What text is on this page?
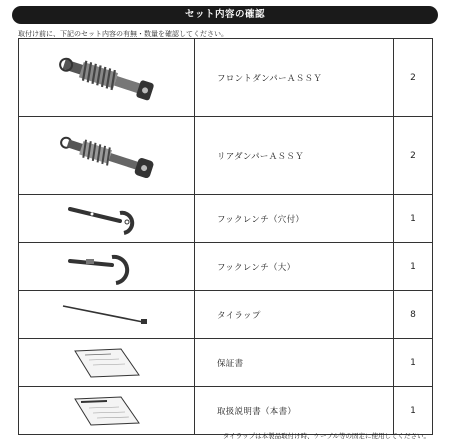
セット内容の確認
取付け前に、下記のセット内容の有無・数量を確認してください。
	フロントダンパーＡＳＳＹ	2

	リアダンパーＡＳＳＹ	2

	フックレンチ（穴付）	1

	フックレンチ（大）	1

	タイラップ	8

	保証書	1

	取扱説明書（本書）	1
タイラップは本製品取付け時、ケーブル等の固定に使用してください。
